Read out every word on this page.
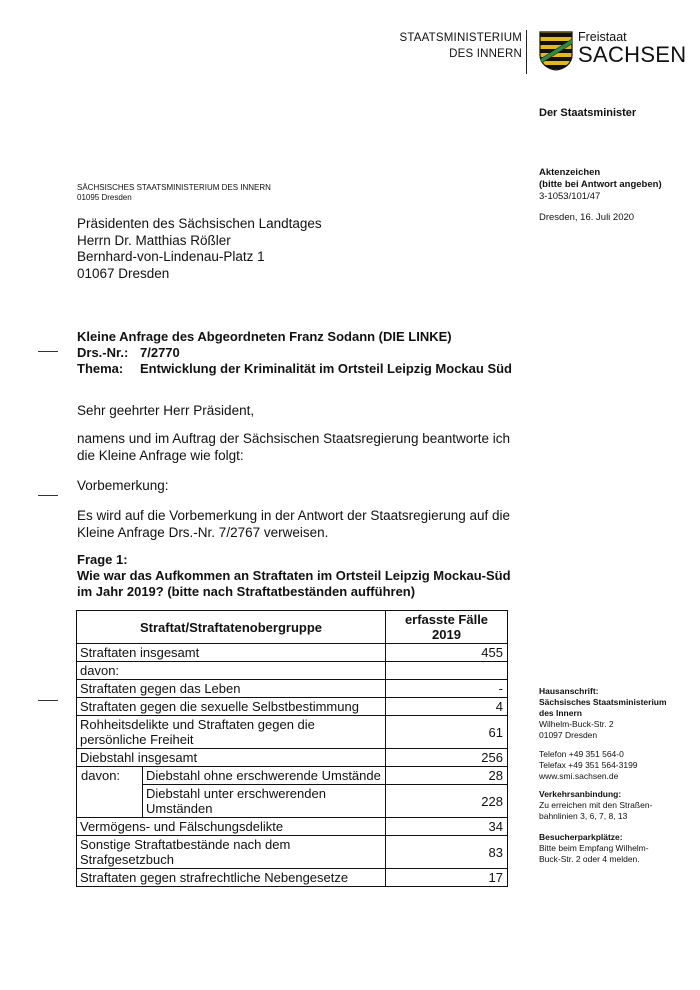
STAATSMINISTERIUM
DES INNERN
Freistaat
SACHSEN
Der Staatsminister
Aktenzeichen
(bitte bei Antwort angeben)
3-1053/101/47
Dresden, 16. Juli 2020
SÄCHSISCHES STAATSMINISTERIUM DES INNERN
01095 Dresden
Präsidenten des Sächsischen Landtages
Herrn Dr. Matthias Rößler
Bernhard-von-Lindenau-Platz 1
01067 Dresden
Kleine Anfrage des Abgeordneten Franz Sodann (DIE LINKE)
Drs.-Nr.: 7/2770
Thema: Entwicklung der Kriminalität im Ortsteil Leipzig Mockau Süd
Sehr geehrter Herr Präsident,
namens und im Auftrag der Sächsischen Staatsregierung beantworte ich die Kleine Anfrage wie folgt:
Vorbemerkung:
Es wird auf die Vorbemerkung in der Antwort der Staatsregierung auf die Kleine Anfrage Drs.-Nr. 7/2767 verweisen.
Frage 1:
Wie war das Aufkommen an Straftaten im Ortsteil Leipzig Mockau-Süd im Jahr 2019? (bitte nach Straftatbeständen aufführen)
Straftat/Straftatenobergruppe		erfasste Fälle 2019
Straftaten insgesamt		455
davon:		
Straftaten gegen das Leben		-
Straftaten gegen die sexuelle Selbstbestimmung		4
Rohheitsdelikte und Straftaten gegen die persönliche Freiheit		61
Diebstahl insgesamt		256
davon:	Diebstahl ohne erschwerende Umstände	28
	Diebstahl unter erschwerenden Umständen	228
Vermögens- und Fälschungsdelikte		34
Sonstige Straftatbestände nach dem Strafgesetzbuch		83
Straftaten gegen strafrechtliche Nebengesetze		17
Hausanschrift:
Sächsisches Staatsministerium
des Innern
Wilhelm-Buck-Str. 2
01097 Dresden
Telefon +49 351 564-0
Telefax +49 351 564-3199
www.smi.sachsen.de
Verkehrsanbindung:
Zu erreichen mit den Straßen-
bahnlinien 3, 6, 7, 8, 13
Besucherparkplätze:
Bitte beim Empfang Wilhelm-
Buck-Str. 2 oder 4 melden.
